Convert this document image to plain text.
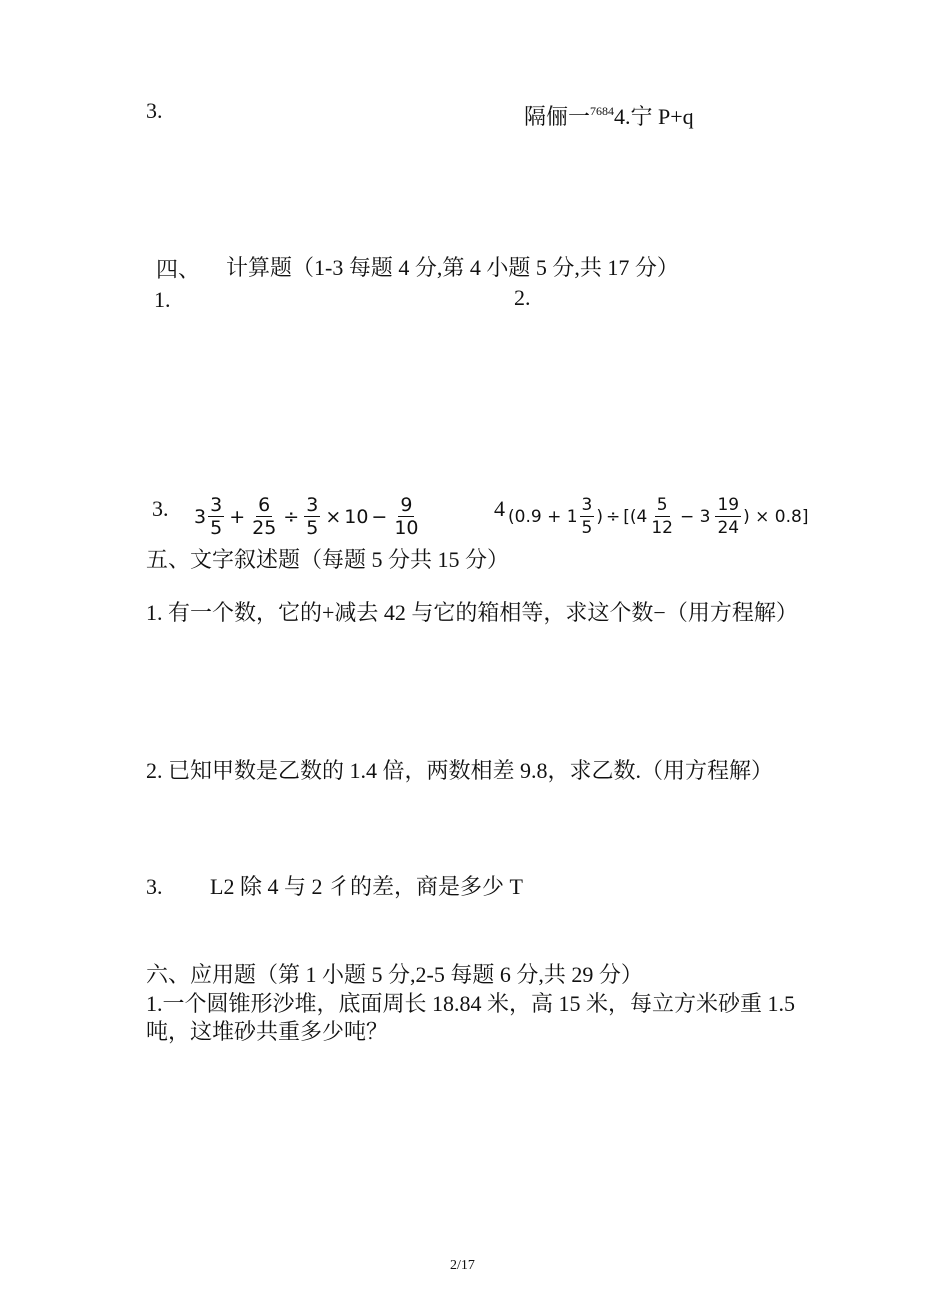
3.	隔俪一$^{7684}$4.宁 P+q

四、 计算题（1-3 每题 4 分,第 4 小题 5 分,共 17 分）

1.	2.

3. $3 \frac{3}{5} + \frac{6}{25} \div \frac{3}{5} \times 10 - \frac{9}{10}$	4 ($0.9 + 1 \frac{3}{5}$ ) ÷ [($4 \frac{5}{12} - 3 \frac{19}{24}$ ) × 0.8]

五、文字叙述题（每题 5 分共 15 分）

1. 有一个数，它的+减去 42 与它的箱相等，求这个数−（用方程解）

2. 已知甲数是乙数的 1.4 倍，两数相差 9.8，求乙数.（用方程解）

3. L2 除 4 与 2 彳的差，商是多少 T

六、应用题（第 1 小题 5 分,2-5 每题 6 分,共 29 分）

1.一个圆锥形沙堆，底面周长 18.84 米，高 15 米，每立方米砂重 1.5 吨，这堆砂共重多少吨？

2/17
